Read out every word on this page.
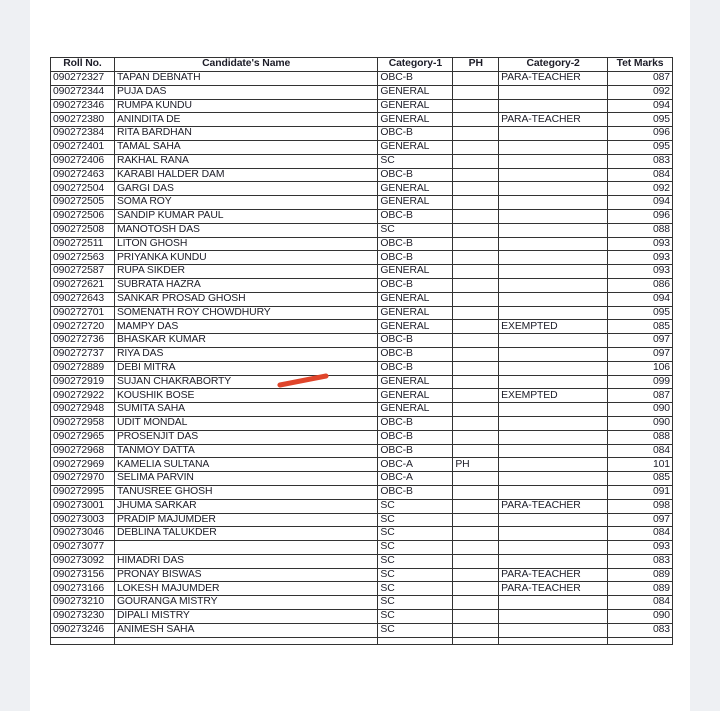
Roll No.	Candidate's Name	Category-1	PH	Category-2	Tet Marks
090272327	TAPAN DEBNATH	OBC-B		PARA-TEACHER	087
090272344	PUJA DAS	GENERAL			092
090272346	RUMPA KUNDU	GENERAL			094
090272380	ANINDITA DE	GENERAL		PARA-TEACHER	095
090272384	RITA BARDHAN	OBC-B			096
090272401	TAMAL SAHA	GENERAL			095
090272406	RAKHAL RANA	SC			083
090272463	KARABI HALDER DAM	OBC-B			084
090272504	GARGI DAS	GENERAL			092
090272505	SOMA ROY	GENERAL			094
090272506	SANDIP KUMAR PAUL	OBC-B			096
090272508	MANOTOSH DAS	SC			088
090272511	LITON GHOSH	OBC-B			093
090272563	PRIYANKA KUNDU	OBC-B			093
090272587	RUPA SIKDER	GENERAL			093
090272621	SUBRATA HAZRA	OBC-B			086
090272643	SANKAR PROSAD GHOSH	GENERAL			094
090272701	SOMENATH ROY CHOWDHURY	GENERAL			095
090272720	MAMPY DAS	GENERAL		EXEMPTED	085
090272736	BHASKAR KUMAR	OBC-B			097
090272737	RIYA DAS	OBC-B			097
090272889	DEBI MITRA	OBC-B			106
090272919	SUJAN CHAKRABORTY	GENERAL			099
090272922	KOUSHIK BOSE	GENERAL		EXEMPTED	087
090272948	SUMITA SAHA	GENERAL			090
090272958	UDIT MONDAL	OBC-B			090
090272965	PROSENJIT DAS	OBC-B			088
090272968	TANMOY DATTA	OBC-B			084
090272969	KAMELIA SULTANA	OBC-A	PH		101
090272970	SELIMA PARVIN	OBC-A			085
090272995	TANUSREE GHOSH	OBC-B			091
090273001	JHUMA SARKAR	SC		PARA-TEACHER	098
090273003	PRADIP MAJUMDER	SC			097
090273046	DEBLINA TALUKDER	SC			084
090273077		SC			093
090273092	HIMADRI DAS	SC			083
090273156	PRONAY BISWAS	SC		PARA-TEACHER	089
090273166	LOKESH MAJUMDER	SC		PARA-TEACHER	089
090273210	GOURANGA MISTRY	SC			084
090273230	DIPALI MISTRY	SC			090
090273246	ANIMESH SAHA	SC			083
